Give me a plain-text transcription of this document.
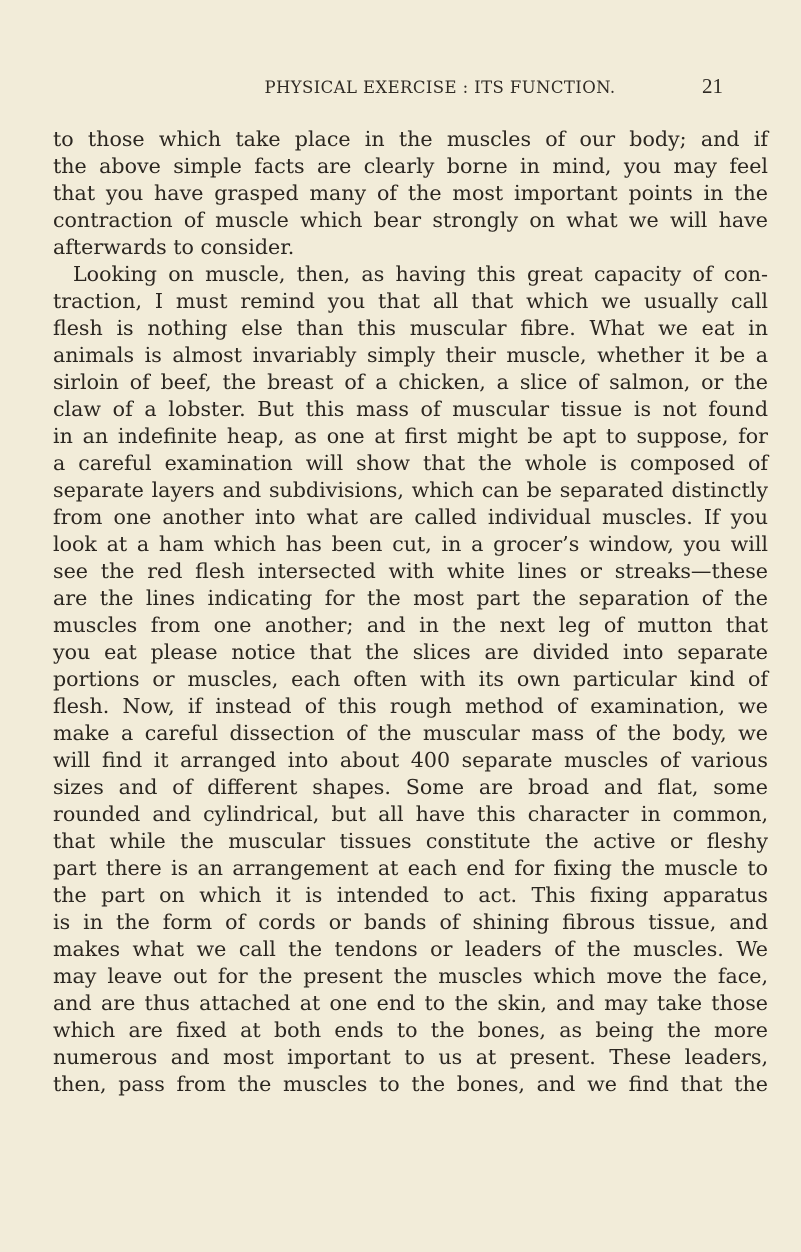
PHYSICAL EXERCISE : ITS FUNCTION.	21
to those which take place in the muscles of our body; and if
the above simple facts are clearly borne in mind, you may feel
that you have grasped many of the most important points in the
contraction of muscle which bear strongly on what we will have
afterwards to consider.
Looking on muscle, then, as having this great capacity of con-
traction, I must remind you that all that which we usually call
flesh is nothing else than this muscular fibre. What we eat in
animals is almost invariably simply their muscle, whether it be a
sirloin of beef, the breast of a chicken, a slice of salmon, or the
claw of a lobster. But this mass of muscular tissue is not found
in an indefinite heap, as one at first might be apt to suppose, for
a careful examination will show that the whole is composed of
separate layers and subdivisions, which can be separated distinctly
from one another into what are called individual muscles. If you
look at a ham which has been cut, in a grocer’s window, you will
see the red flesh intersected with white lines or streaks—these
are the lines indicating for the most part the separation of the
muscles from one another; and in the next leg of mutton that
you eat please notice that the slices are divided into separate
portions or muscles, each often with its own particular kind of
flesh. Now, if instead of this rough method of examination, we
make a careful dissection of the muscular mass of the body, we
will find it arranged into about 400 separate muscles of various
sizes and of different shapes. Some are broad and flat, some
rounded and cylindrical, but all have this character in common,
that while the muscular tissues constitute the active or fleshy
part there is an arrangement at each end for fixing the muscle to
the part on which it is intended to act. This fixing apparatus
is in the form of cords or bands of shining fibrous tissue, and
makes what we call the tendons or leaders of the muscles. We
may leave out for the present the muscles which move the face,
and are thus attached at one end to the skin, and may take those
which are fixed at both ends to the bones, as being the more
numerous and most important to us at present. These leaders,
then, pass from the muscles to the bones, and we find that the
